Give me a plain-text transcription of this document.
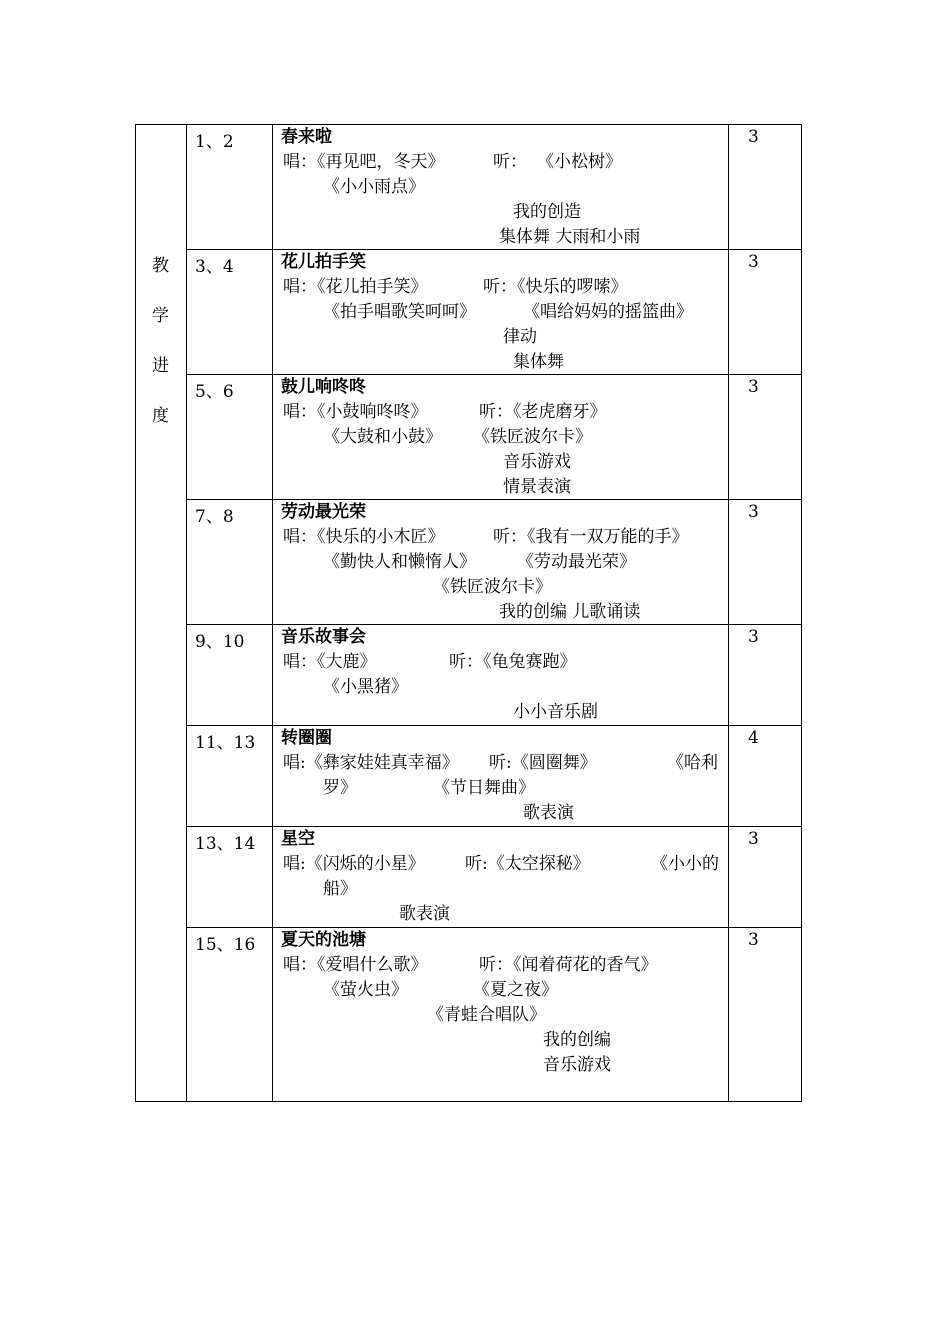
教
学
进
度
1、2	春来啦
唱：《再见吧，冬天》	听： 《小松树》
《小小雨点》
我的创造
集体舞 大雨和小雨
3
3、4	花儿拍手笑
唱：《花儿拍手笑》	听：《快乐的啰嗦》
《拍手唱歌笑呵呵》	《唱给妈妈的摇篮曲》
律动
集体舞
3
5、6	鼓儿响咚咚
唱：《小鼓响咚咚》	听：《老虎磨牙》
《大鼓和小鼓》 《铁匠波尔卡》
音乐游戏
情景表演
3
7、8	劳动最光荣
唱：《快乐的小木匠》	听：《我有一双万能的手》
《勤快人和懒惰人》 《劳动最光荣》
《铁匠波尔卡》
我的创编 儿歌诵读
3
9、10 音乐故事会
唱：《大鹿》	听：《龟兔赛跑》
《小黑猪》
小小音乐剧
3
11、13 转圈圈
唱:《彝家娃娃真幸福》 听:《圆圈舞》	《哈利
罗》	《节日舞曲》
歌表演
4
13、14 星空
唱:《闪烁的小星》 听:《太空探秘》	《小小的
船》
歌表演
3
15、16 夏天的池塘
唱：《爱唱什么歌》	听：《闻着荷花的香气》
《萤火虫》	《夏之夜》
《青蛙合唱队》
我的创编
音乐游戏
3
